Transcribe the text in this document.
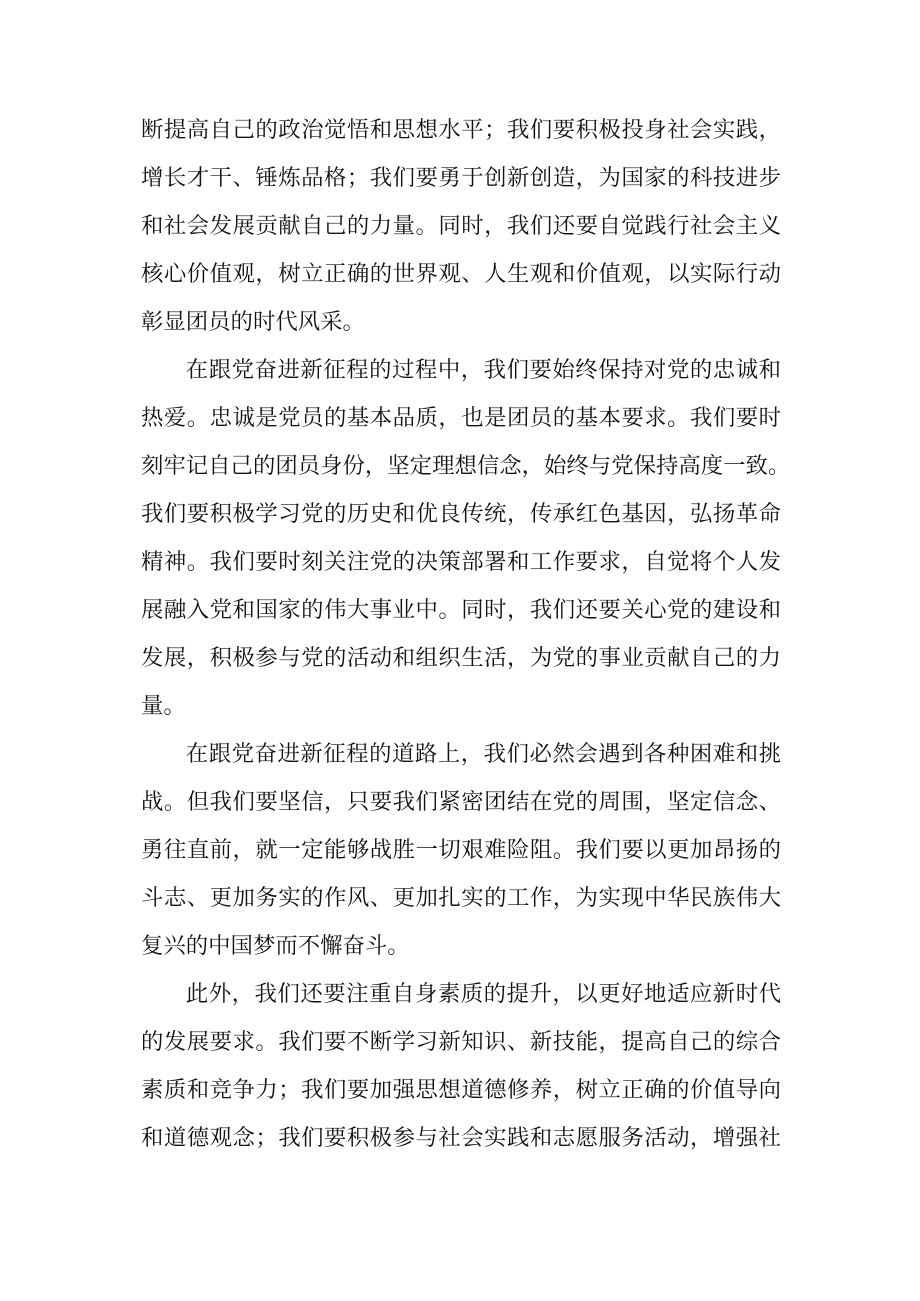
断提高自己的政治觉悟和思想水平；我们要积极投身社会实践，
增长才干、锤炼品格；我们要勇于创新创造，为国家的科技进步
和社会发展贡献自己的力量。同时，我们还要自觉践行社会主义
核心价值观，树立正确的世界观、人生观和价值观，以实际行动
彰显团员的时代风采。
在跟党奋进新征程的过程中，我们要始终保持对党的忠诚和
热爱。忠诚是党员的基本品质，也是团员的基本要求。我们要时
刻牢记自己的团员身份，坚定理想信念，始终与党保持高度一致。
我们要积极学习党的历史和优良传统，传承红色基因，弘扬革命
精神。我们要时刻关注党的决策部署和工作要求，自觉将个人发
展融入党和国家的伟大事业中。同时，我们还要关心党的建设和
发展，积极参与党的活动和组织生活，为党的事业贡献自己的力
量。
在跟党奋进新征程的道路上，我们必然会遇到各种困难和挑
战。但我们要坚信，只要我们紧密团结在党的周围，坚定信念、
勇往直前，就一定能够战胜一切艰难险阻。我们要以更加昂扬的
斗志、更加务实的作风、更加扎实的工作，为实现中华民族伟大
复兴的中国梦而不懈奋斗。
此外，我们还要注重自身素质的提升，以更好地适应新时代
的发展要求。我们要不断学习新知识、新技能，提高自己的综合
素质和竞争力；我们要加强思想道德修养，树立正确的价值导向
和道德观念；我们要积极参与社会实践和志愿服务活动，增强社
